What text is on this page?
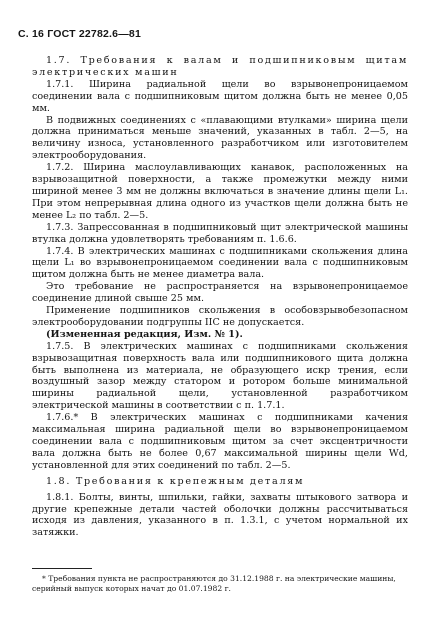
С. 16 ГОСТ 22782.6—81

1.7. Требования к валам и подшипниковым щитам электрических машин

1.7.1. Ширина радиальной щели во взрывонепроницаемом соединении вала с подшипниковым щитом должна быть не менее 0,05 мм.

В подвижных соединениях с «плавающими втулками» ширина щели должна приниматься меньше значений, указанных в табл. 2—5, на величину износа, установленного разработчиком или изготовителем электрооборудования.

1.7.2. Ширина маслоулавливающих канавок, расположенных на взрывозащитной поверхности, а также промежутки между ними шириной менее 3 мм не должны включаться в значение длины щели L₁. При этом непрерывная длина одного из участков щели должна быть не менее L₂ по табл. 2—5.

1.7.3. Запрессованная в подшипниковый щит электрической машины втулка должна удовлетворять требованиям п. 1.6.6.

1.7.4. В электрических машинах с подшипниками скольжения длина щели L₁ во взрывонепроницаемом соединении вала с подшипниковым щитом должна быть не менее диаметра вала.

Это требование не распространяется на взрывонепроницаемое соединение длиной свыше 25 мм.

Применение подшипников скольжения в особовзрывобезопасном электрооборудовании подгруппы IIС не допускается.

(Измененная редакция, Изм. № 1).

1.7.5. В электрических машинах с подшипниками скольжения взрывозащитная поверхность вала или подшипникового щита должна быть выполнена из материала, не образующего искр трения, если воздушный зазор между статором и ротором больше минимальной ширины радиальной щели, установленной разработчиком электрической машины в соответствии с п. 1.7.1.

1.7.6.* В электрических машинах с подшипниками качения максимальная ширина радиальной щели во взрывонепроницаемом соединении вала с подшипниковым щитом за счет эксцентричности вала должна быть не более 0,67 максимальной ширины щели Wd, установленной для этих соединений по табл. 2—5.

1.8. Требования к крепежным деталям

1.8.1. Болты, винты, шпильки, гайки, захваты штыкового затвора и другие крепежные детали частей оболочки должны рассчитываться исходя из давления, указанного в п. 1.3.1, с учетом нормальной их затяжки.

* Требования пункта не распространяются до 31.12.1988 г. на электрические машины, серийный выпуск которых начат до 01.07.1982 г.
